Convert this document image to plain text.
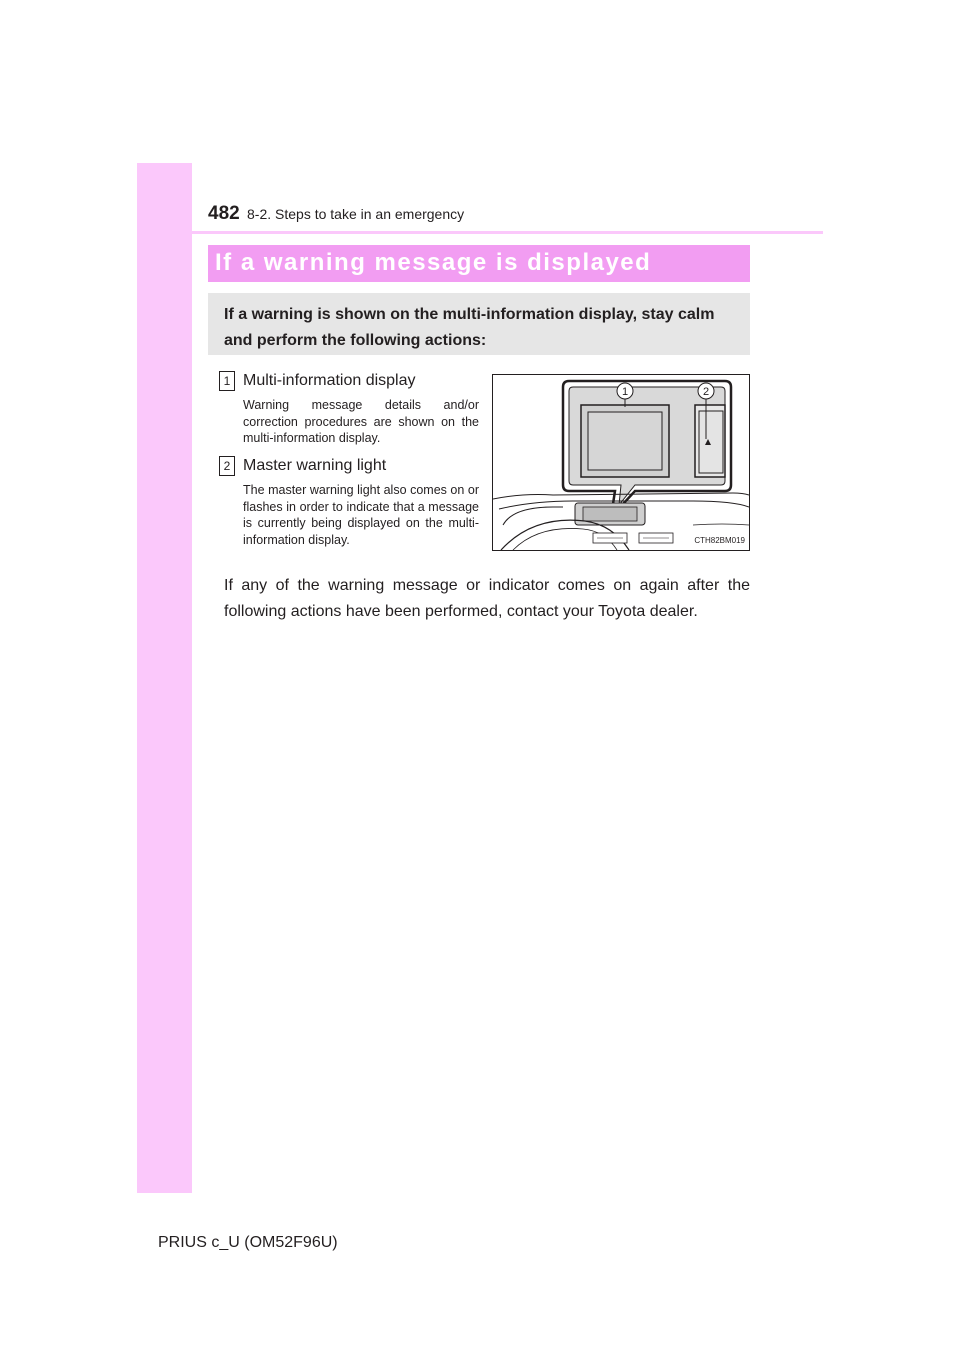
482 8-2. Steps to take in an emergency
If a warning message is displayed
If a warning is shown on the multi-information display, stay calm and perform the following actions:
1 Multi-information display
Warning message details and/or correction procedures are shown on the multi-information display.
2 Master warning light
The master warning light also comes on or flashes in order to indicate that a message is currently being displayed on the multi-information display.
1	2
CTH82BM019
If any of the warning message or indicator comes on again after the following actions have been performed, contact your Toyota dealer.
PRIUS c_U (OM52F96U)
